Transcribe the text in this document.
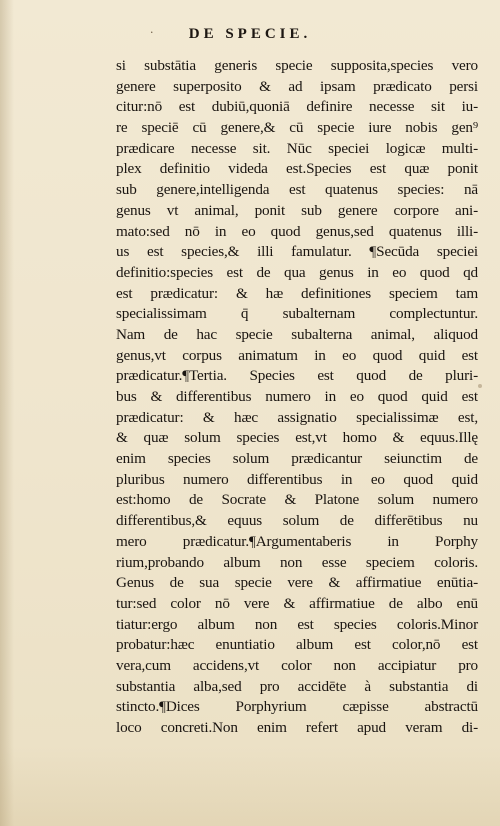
· DE SPECIE.
si substātia generis specie supposita,species vero
genere superposito & ad ipsam prædicato persi
citur:nō est dubiū,quoniā definire necesse sit iu-
re speciē cū genere,& cū specie iure nobis gen⁹
prædicare necesse sit. Nūc speciei logicæ multi-
plex definitio videda est.Species est quæ ponit
sub genere,intelligenda est quatenus species: nā
genus vt animal, ponit sub genere corpore ani-
mato:sed nō in eo quod genus,sed quatenus illi-
us est species,& illi famulatur. ¶Secūda speciei
definitio:species est de qua genus in eo quod qd
est prædicatur: & hæ definitiones speciem tam
specialissimam q̄ subalternam complectuntur.
Nam de hac specie subalterna animal, aliquod
genus,vt corpus animatum in eo quod quid est
prædicatur.¶Tertia. Species est quod de pluri-
bus & differentibus numero in eo quod quid est
prædicatur: & hæc assignatio specialissimæ est,
& quæ solum species est,vt homo & equus.Illę
enim species solum prædicantur seiunctim de
pluribus numero differentibus in eo quod quid
est:homo de Socrate & Platone solum numero
differentibus,& equus solum de differētibus nu
mero prædicatur.¶Argumentaberis in Porphy
rium,probando album non esse speciem coloris.
Genus de sua specie vere & affirmatiue enūtia-
tur:sed color nō vere & affirmatiue de albo enū
tiatur:ergo album non est species coloris.Minor
probatur:hæc enuntiatio album est color,nō est
vera,cum accidens,vt color non accipiatur pro
substantia alba,sed pro accidēte à substantia di
stincto.¶Dices Porphyrium cæpisse abstractū
loco concreti.Non enim refert apud veram di-
